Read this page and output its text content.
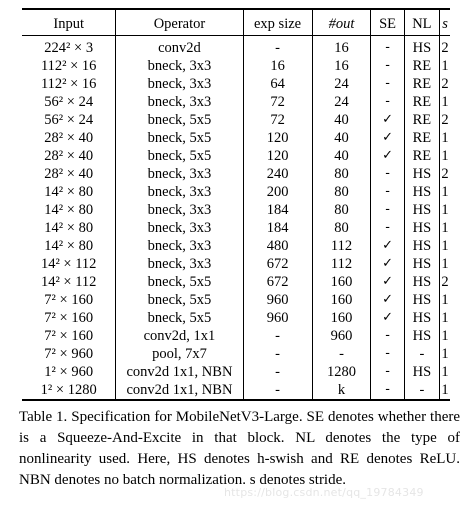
Input	Operator	exp size	#out	SE	NL	s
224² × 3	conv2d	-	16	-	HS	2
112² × 16	bneck, 3x3	16	16	-	RE	1
112² × 16	bneck, 3x3	64	24	-	RE	2
56² × 24	bneck, 3x3	72	24	-	RE	1
56² × 24	bneck, 5x5	72	40	✓	RE	2
28² × 40	bneck, 5x5	120	40	✓	RE	1
28² × 40	bneck, 5x5	120	40	✓	RE	1
28² × 40	bneck, 3x3	240	80	-	HS	2
14² × 80	bneck, 3x3	200	80	-	HS	1
14² × 80	bneck, 3x3	184	80	-	HS	1
14² × 80	bneck, 3x3	184	80	-	HS	1
14² × 80	bneck, 3x3	480	112	✓	HS	1
14² × 112	bneck, 3x3	672	112	✓	HS	1
14² × 112	bneck, 5x5	672	160	✓	HS	2
7² × 160	bneck, 5x5	960	160	✓	HS	1
7² × 160	bneck, 5x5	960	160	✓	HS	1
7² × 160	conv2d, 1x1	-	960	-	HS	1
7² × 960	pool, 7x7	-	-	-	-	1
1² × 960	conv2d 1x1, NBN	-	1280	-	HS	1
1² × 1280	conv2d 1x1, NBN	-	k	-	-	1

Table 1. Specification for MobileNetV3-Large. SE denotes whether there is a Squeeze-And-Excite in that block. NL denotes the type of nonlinearity used. Here, HS denotes h-swish and RE denotes ReLU. NBN denotes no batch normalization. s denotes stride.

https://blog.csdn.net/qq_19784349
